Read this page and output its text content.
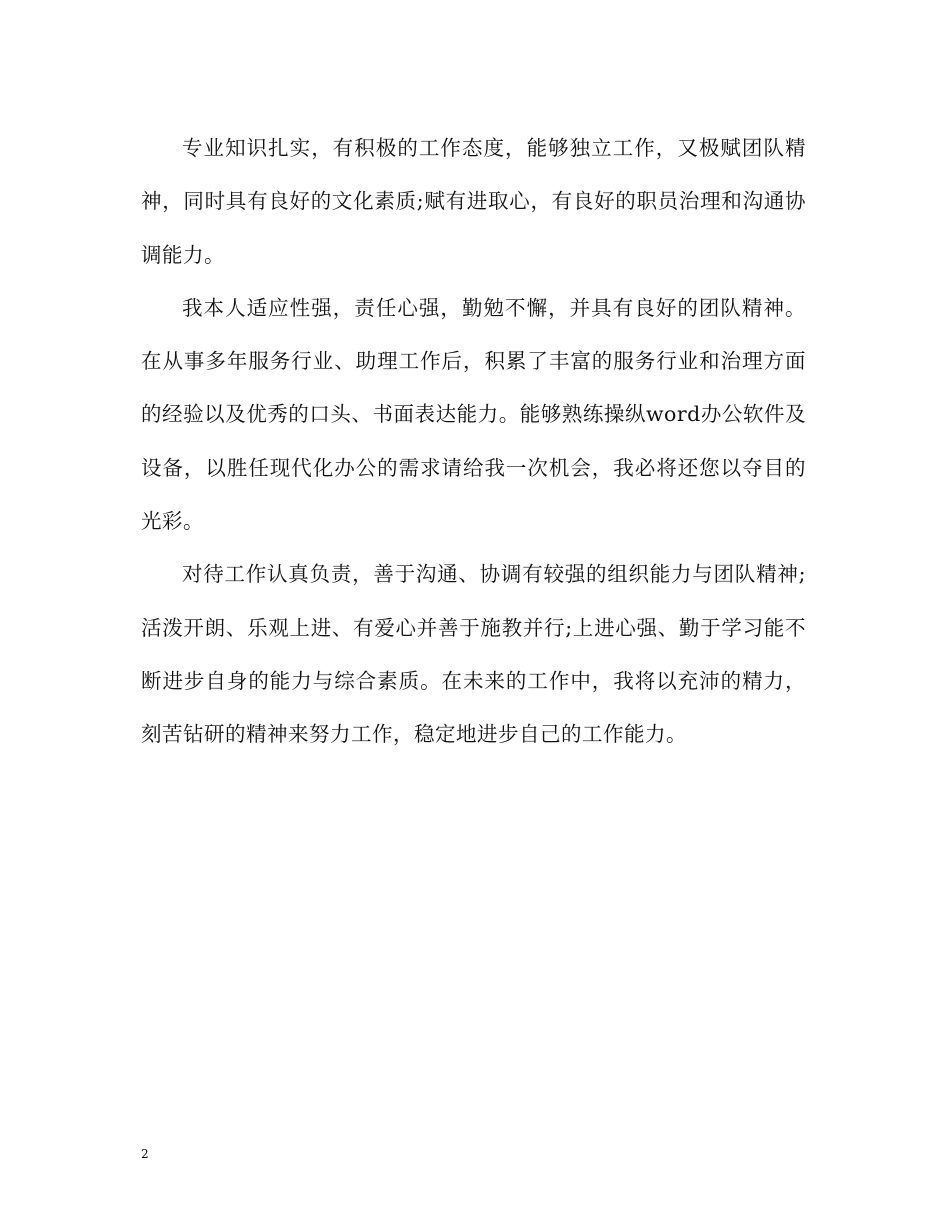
专业知识扎实，有积极的工作态度，能够独立工作，又极赋团队精神，同时具有良好的文化素质;赋有进取心，有良好的职员治理和沟通协调能力。

我本人适应性强，责任心强，勤勉不懈，并具有良好的团队精神。在从事多年服务行业、助理工作后，积累了丰富的服务行业和治理方面的经验以及优秀的口头、书面表达能力。能够熟练操纵word办公软件及设备，以胜任现代化办公的需求请给我一次机会，我必将还您以夺目的光彩。

对待工作认真负责，善于沟通、协调有较强的组织能力与团队精神;活泼开朗、乐观上进、有爱心并善于施教并行;上进心强、勤于学习能不断进步自身的能力与综合素质。在未来的工作中，我将以充沛的精力，刻苦钻研的精神来努力工作，稳定地进步自己的工作能力。

2
